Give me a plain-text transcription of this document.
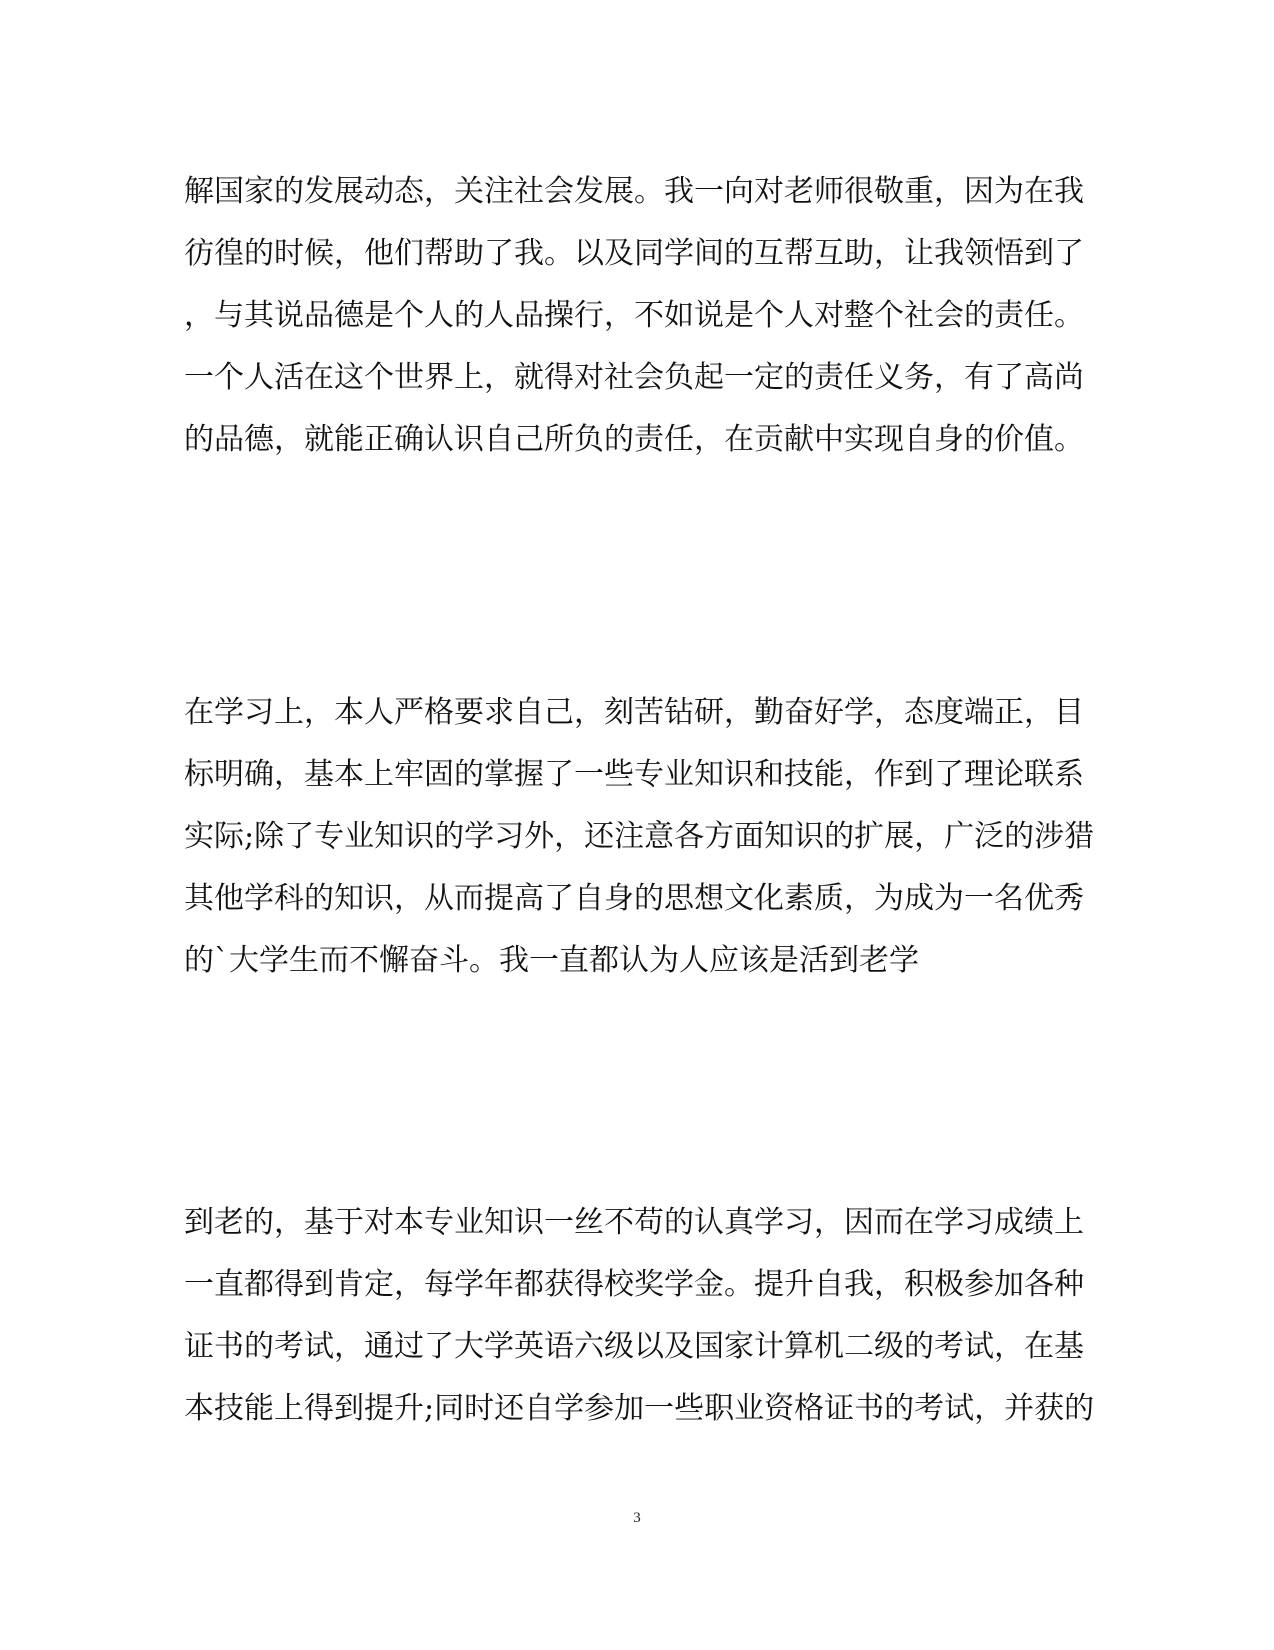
解国家的发展动态，关注社会发展。我一向对老师很敬重，因为在我
彷徨的时候，他们帮助了我。以及同学间的互帮互助，让我领悟到了
，与其说品德是个人的人品操行，不如说是个人对整个社会的责任。
一个人活在这个世界上，就得对社会负起一定的责任义务，有了高尚
的品德，就能正确认识自己所负的责任，在贡献中实现自身的价值。
在学习上，本人严格要求自己，刻苦钻研，勤奋好学，态度端正，目
标明确，基本上牢固的掌握了一些专业知识和技能，作到了理论联系
实际;除了专业知识的学习外，还注意各方面知识的扩展，广泛的涉猎
其他学科的知识，从而提高了自身的思想文化素质，为成为一名优秀
的`大学生而不懈奋斗。我一直都认为人应该是活到老学
到老的，基于对本专业知识一丝不苟的认真学习，因而在学习成绩上
一直都得到肯定，每学年都获得校奖学金。提升自我，积极参加各种
证书的考试，通过了大学英语六级以及国家计算机二级的考试，在基
本技能上得到提升;同时还自学参加一些职业资格证书的考试，并获的
3
